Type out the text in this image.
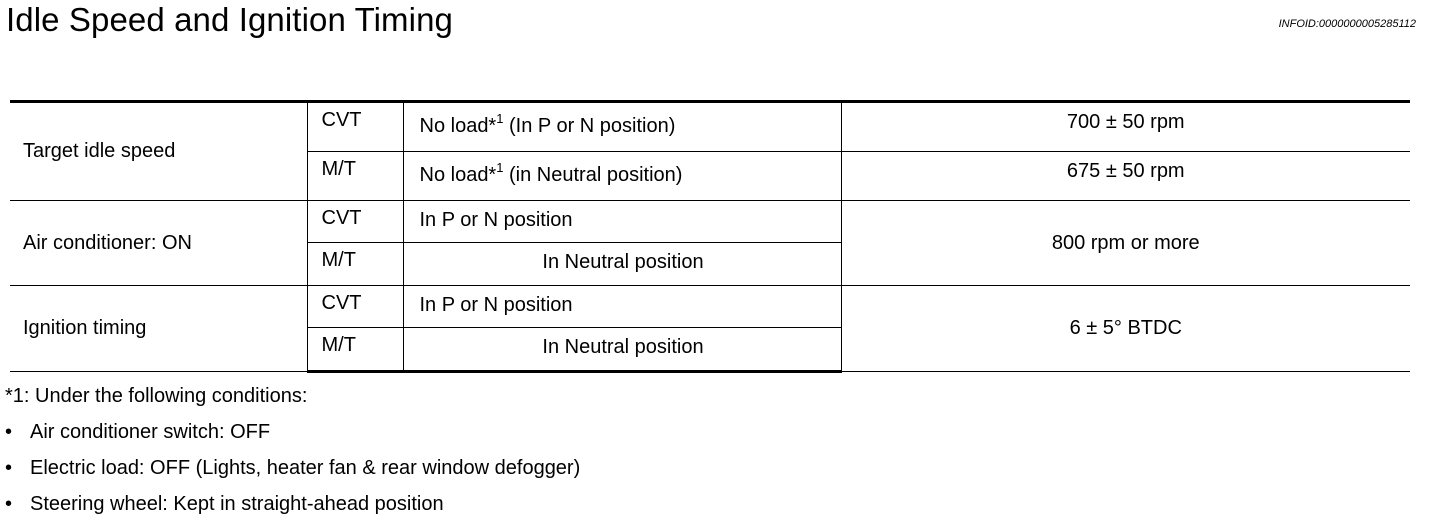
Idle Speed and Ignition Timing	INFOID:0000000005285112
Target idle speed	CVT	No load*$^1$ (In P or N position)	700 ± 50 rpm
	M/T	No load*$^1$ (in Neutral position)	675 ± 50 rpm
Air conditioner: ON	CVT	In P or N position	800 rpm or more
	M/T	In Neutral position	
Ignition timing	CVT	In P or N position	6 ± 5° BTDC
	M/T	In Neutral position	
*1: Under the following conditions:
• Air conditioner switch: OFF
• Electric load: OFF (Lights, heater fan & rear window defogger)
• Steering wheel: Kept in straight-ahead position
